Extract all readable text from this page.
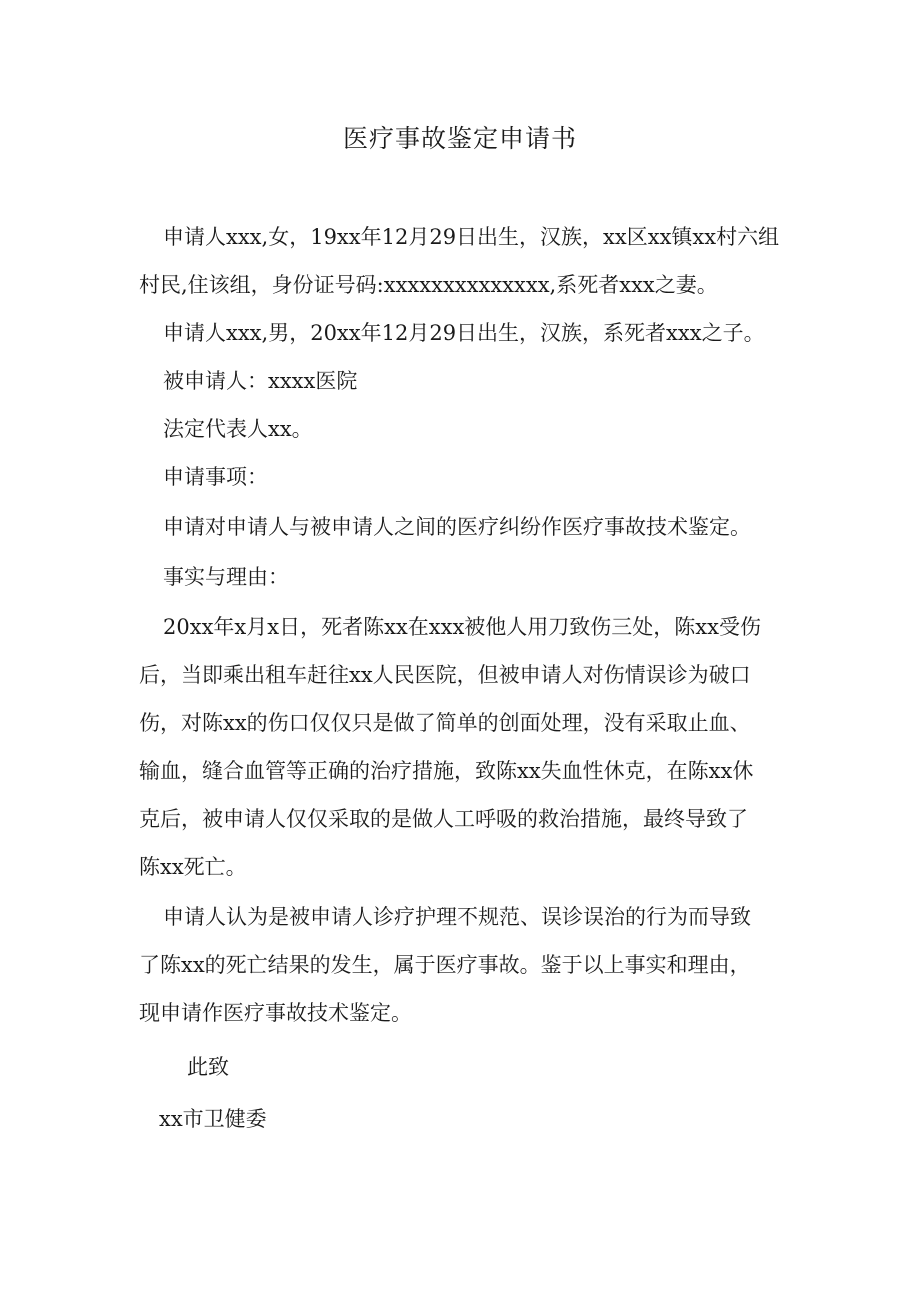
医疗事故鉴定申请书

申请人xxx,女，19xx年12月29日出生，汉族，xx区xx镇xx村六组

村民,住该组，身份证号码:xxxxxxxxxxxxxx,系死者xxx之妻。

申请人xxx,男，20xx年12月29日出生，汉族，系死者xxx之子。

被申请人：xxxx医院

法定代表人xx。

申请事项：

申请对申请人与被申请人之间的医疗纠纷作医疗事故技术鉴定。

事实与理由：

20xx年x月x日，死者陈xx在xxx被他人用刀致伤三处，陈xx受伤

后，当即乘出租车赶往xx人民医院，但被申请人对伤情误诊为破口

伤，对陈xx的伤口仅仅只是做了简单的创面处理，没有采取止血、

输血，缝合血管等正确的治疗措施，致陈xx失血性休克，在陈xx休

克后，被申请人仅仅采取的是做人工呼吸的救治措施，最终导致了

陈xx死亡。

申请人认为是被申请人诊疗护理不规范、误诊误治的行为而导致

了陈xx的死亡结果的发生，属于医疗事故。鉴于以上事实和理由，

现申请作医疗事故技术鉴定。

此致

xx市卫健委
